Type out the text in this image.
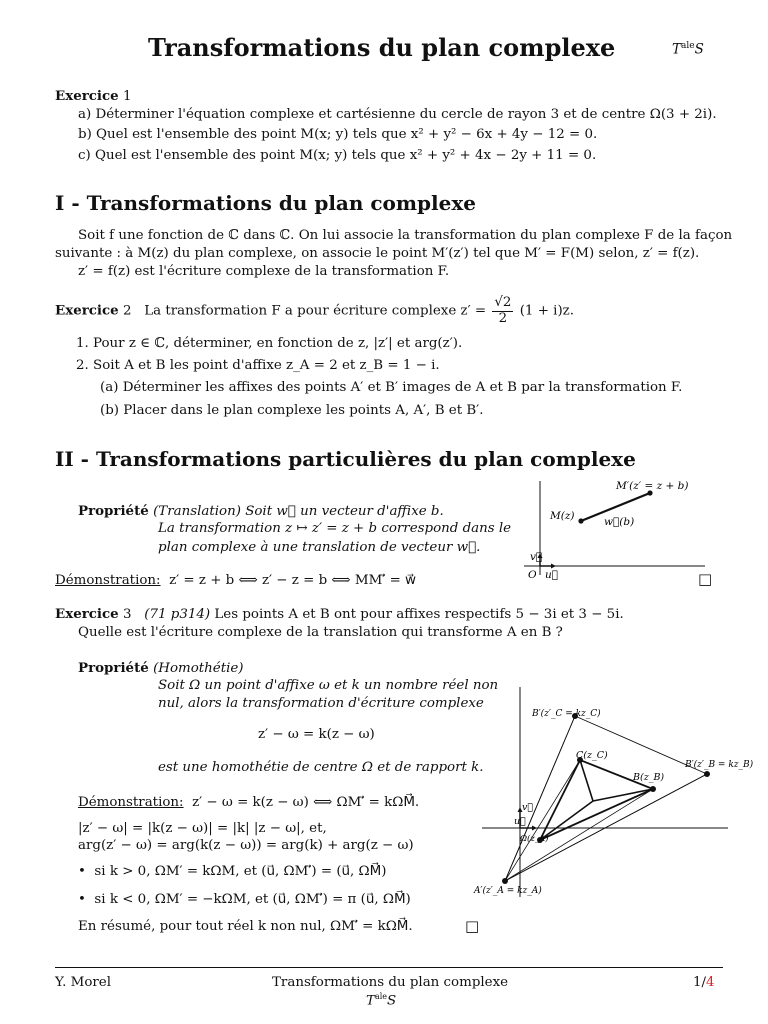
Transformations du plan complexe	$T^{ale}S$
Exercice 1
a) Déterminer l'équation complexe et cartésienne du cercle de rayon 3 et de centre Ω(3 + 2i).
b) Quel est l'ensemble des point M(x; y) tels que x² + y² − 6x + 4y − 12 = 0.
c) Quel est l'ensemble des point M(x; y) tels que x² + y² + 4x − 2y + 11 = 0.
I - Transformations du plan complexe
Soit f une fonction de ℂ dans ℂ. On lui associe la transformation du plan complexe F de la façon
suivante : à M(z) du plan complexe, on associe le point M′(z′) tel que M′ = F(M) selon, z′ = f(z).
z′ = f(z) est l'écriture complexe de la transformation F.
Exercice 2 La transformation F a pour écriture complexe $z' = \frac{√2}{2} (1 + i)z$.
1. Pour z ∈ ℂ, déterminer, en fonction de z, |z′| et arg(z′).
2. Soit A et B les point d'affixe z_A = 2 et z_B = 1 − i.
(a) Déterminer les affixes des points A′ et B′ images de A et B par la transformation F.
(b) Placer dans le plan complexe les points A, A′, B et B′.
II - Transformations particulières du plan complexe
Propriété (Translation) Soit w⃗ un vecteur d'affixe b.
La transformation z ↦ z′ = z + b correspond dans le
plan complexe à une translation de vecteur w⃗.
Démonstration: z′ = z + b ⟺ z′ − z = b ⟺ MM′⃗ = w⃗	□
M(z)
M′(z′ = z + b)
w⃗(b)
v⃗
u⃗
O
Exercice 3 (71 p314) Les points A et B ont pour affixes respectifs 5 − 3i et 3 − 5i.
Quelle est l'écriture complexe de la translation qui transforme A en B ?
Propriété (Homothétie)
Soit Ω un point d'affixe ω et k un nombre réel non
nul, alors la transformation d'écriture complexe
z′ − ω = k(z − ω)
est une homothétie de centre Ω et de rapport k.
Démonstration: z′ − ω = k(z − ω) ⟺ ΩM′⃗ = kΩM⃗.
|z′ − ω| = |k(z − ω)| = |k| |z − ω|, et,
arg(z′ − ω) = arg(k(z − ω)) = arg(k) + arg(z − ω)
•  si k > 0, ΩM′ = kΩM, et (u⃗, ΩM′⃗) = (u⃗, ΩM⃗)
•  si k < 0, ΩM′ = −kΩM, et (u⃗, ΩM′⃗) = π (u⃗, ΩM⃗)
En résumé, pour tout réel k non nul, ΩM′⃗ = kΩM⃗.	□
B′(z′_C = kz_C)
C(z_C)
B(z_B)
B′(z′_B = kz_B)
Ω(z_A)
A′(z′_A = kz_A)
u⃗
v⃗
Y. Morel	Transformations du plan complexe
$T^{ale}S$
1/4
